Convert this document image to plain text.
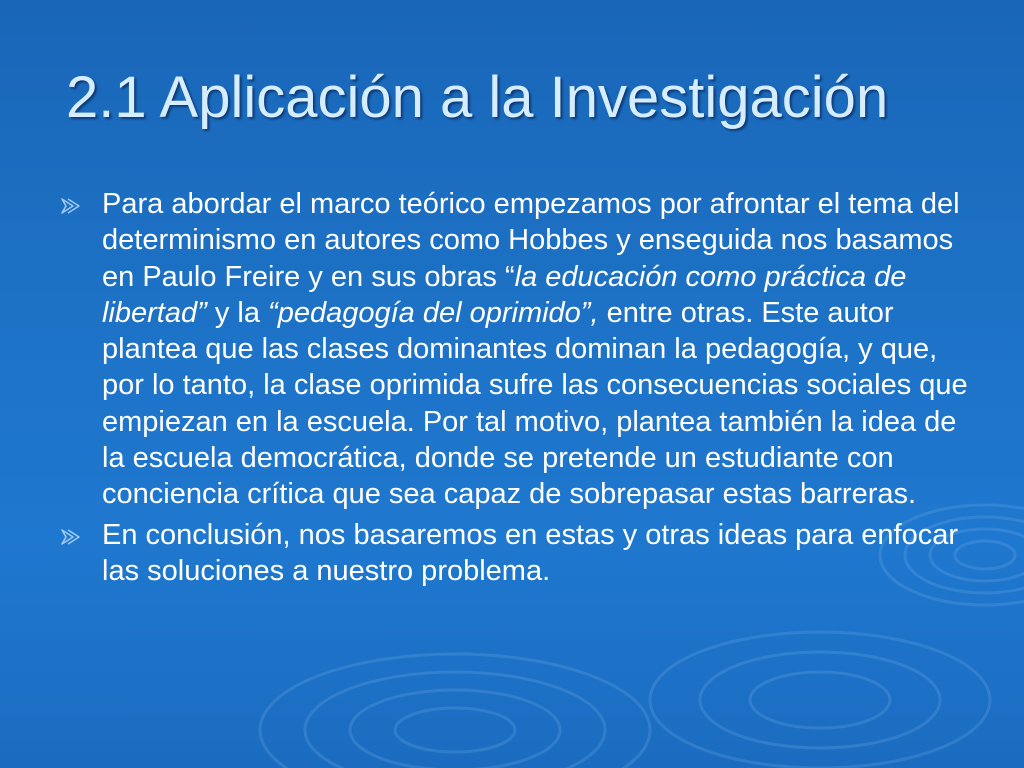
2.1 Aplicación a la Investigación
Para abordar el marco teórico empezamos por afrontar el tema del determinismo en autores como Hobbes y enseguida nos basamos en Paulo Freire y en sus obras “la educación como práctica de libertad” y la “pedagogía del oprimido”, entre otras. Este autor plantea que las clases dominantes dominan la pedagogía, y que, por lo tanto, la clase oprimida sufre las consecuencias sociales que empiezan en la escuela. Por tal motivo, plantea también la idea de la escuela democrática, donde se pretende un estudiante con conciencia crítica que sea capaz de sobrepasar estas barreras.
En conclusión, nos basaremos en estas y otras ideas para enfocar las soluciones a nuestro problema.
